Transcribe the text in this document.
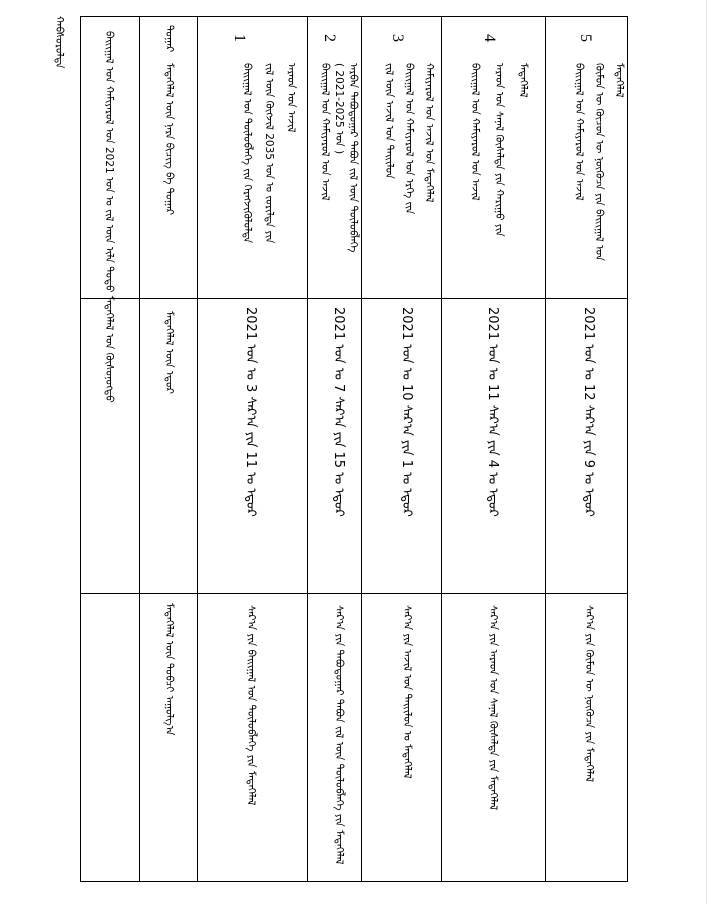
ᠬᠠᠪᠰᠤᠷᠤᠯᠲᠠ	ᠪᠠᠢᠢᠭᠠᠯ ᠤᠨ ᠬᠠᠮᠢᠶᠠᠷᠤᠯ ᠤᠨ 2021 ᠣᠨ ᠤ ᠵᠢᠯ ᠦᠨ ᠢᠯᠡ ᠲᠣᠳᠣ ᠮᠡᠳᠡᠭᠡᠯᠡᠯ ᠤᠨ ᠬᠦᠰᠦᠨᠦᠭᠲᠦ	ᠳᠤᠭᠠᠷ
ᠮᠡᠳᠡᠭᠡᠯᠡᠯ ᠦᠨ ᠨᠡᠷᠡ ᠪᠢᠴᠢᠭ ᠪᠠ ᠳᠤᠭᠠᠷ
ᠮᠡᠳᠡᠭᠡᠯᠡᠯ ᠦᠨ ᠡᠳᠦᠷ
ᠮᠡᠳᠡᠭᠡᠯᠡᠯ ᠦᠨ ᠲᠣᠪᠴᠢ ᠠᠭᠤᠯᠭ᠎ᠠ
1
ᠠᠷᠠᠳ ᠤᠨ ᠠᠵᠢᠯ
ᠵᠢᠯ ᠦᠨ ᠬᠥᠭᠵᠢᠯ 2035 ᠣᠨ ᠤ ᠵᠣᠷᠢᠯᠲᠠ ᠶᠢᠨ
ᠪᠠᠢᠢᠭᠠᠯ ᠤᠨ ᠲᠥᠯᠥᠪᠯᠡᠭᠡ ᠵᠢᠨ ᠬᠡᠷᠡᠭᠵᠢᠭᠦᠯᠦᠯᠲᠡ
2021 ᠣᠨ ᠤ 3 ᠰᠠᠷ᠎ᠠ ᠶᠢᠨ 11 ᠤ ᠡᠳᠦᠷ
ᠰᠠᠷ᠎ᠠ ᠶᠢᠨ ᠪᠠᠢᠢᠭᠠᠯ ᠤᠨ ᠲᠥᠯᠥᠪᠯᠡᠭᠡ ᠶᠢᠨ ᠮᠡᠳᠡᠭᠡᠯᠡᠯ
2
ᠠᠷᠪᠠᠨ ᠲᠠᠪᠣᠳᠣᠭᠠᠷ ᠲᠠᠪᠤᠨ ᠵᠢᠯ ᠦᠨ ᠲᠥᠯᠥᠪᠯᠡᠭᠡ
( 2021-2025 ᠣᠨ )
ᠪᠠᠢᠢᠭᠠᠯ ᠤᠨ ᠬᠠᠮᠢᠶᠠᠷᠤᠯ ᠤᠨ ᠠᠵᠢᠯ
2021 ᠣᠨ ᠤ 7 ᠰᠠᠷ᠎ᠠ ᠶᠢᠨ 15 ᠤ ᠡᠳᠦᠷ
ᠰᠠᠷ᠎ᠠ ᠶᠢᠨ ᠲᠠᠪᠣᠳᠣᠭᠠᠷ ᠲᠠᠪᠤᠨ ᠵᠢᠯ ᠦᠨ ᠲᠥᠯᠥᠪᠯᠡᠭᠡ ᠶᠢᠨ ᠮᠡᠳᠡᠭᠡᠯᠡᠯ
3
ᠬᠠᠮᠢᠶᠠᠷᠤᠯ ᠤᠨ ᠠᠵᠢᠯ ᠤᠨ ᠮᠡᠳᠡᠭᠡᠯᠡᠯ
ᠪᠠᠢᠢᠭᠠᠯ ᠤᠨ ᠬᠠᠮᠢᠶᠠᠷᠤᠯ ᠤᠨ ᠡᠷᠬᠡ ᠵᠢᠨ
ᠵᠢᠯ ᠦᠨ ᠠᠵᠢᠯ ᠤᠨ ᠲᠠᠢᠢᠯᠤᠨ
2021 ᠣᠨ ᠤ 10 ᠰᠠᠷ᠎ᠠ ᠶᠢᠨ 1 ᠤ ᠡᠳᠦᠷ
ᠰᠠᠷ᠎ᠠ ᠶᠢᠨ ᠠᠵᠢᠯ ᠤᠨ ᠲᠠᠢᠢᠯᠤᠨ ᠤ ᠮᠡᠳᠡᠭᠡᠯᠡᠯ
4
ᠮᠡᠳᠡᠭᠡᠯᠡᠯ
ᠠᠷᠠᠳ ᠤᠨ ᠰᠠᠨᠠᠯ ᠬᠦᠰᠡᠯᠲᠡ ᠶᠢᠨ ᠬᠠᠷᠢᠭᠤ ᠶᠢᠨ
ᠪᠠᠢᠢᠭᠠᠯ ᠤᠨ ᠬᠠᠮᠢᠶᠠᠷᠤᠯ ᠤᠨ ᠠᠵᠢᠯ
2021 ᠣᠨ ᠤ 11 ᠰᠠᠷ᠎ᠠ ᠶᠢᠨ 4 ᠤ ᠡᠳᠦᠷ
ᠰᠠᠷ᠎ᠠ ᠶᠢᠨ ᠠᠷᠠᠳ ᠤᠨ ᠰᠠᠨᠠᠯ ᠬᠦᠰᠡᠯᠲᠡ ᠶᠢᠨ ᠮᠡᠳᠡᠭᠡᠯᠡᠯ
5
ᠮᠡᠳᠡᠭᠡᠯᠡᠯ
ᠬᠦᠮᠦᠨ ᠦ ᠬᠦᠴᠦᠨ ᠦ ᠨᠥᠭᠦᠴᠡ ᠶᠢᠨ ᠪᠠᠢᠢᠭᠠᠯ ᠤᠨ
ᠪᠠᠢᠢᠭᠠᠯ ᠤᠨ ᠬᠠᠮᠢᠶᠠᠷᠤᠯ ᠤᠨ ᠠᠵᠢᠯ
2021 ᠣᠨ ᠤ 12 ᠰᠠᠷ᠎ᠠ ᠶᠢᠨ 9 ᠤ ᠡᠳᠦᠷ
ᠰᠠᠷ᠎ᠠ ᠶᠢᠨ ᠬᠦᠮᠦᠨ ᠦ ᠨᠥᠭᠦᠴᠡ ᠶᠢᠨ ᠮᠡᠳᠡᠭᠡᠯᠡᠯ
